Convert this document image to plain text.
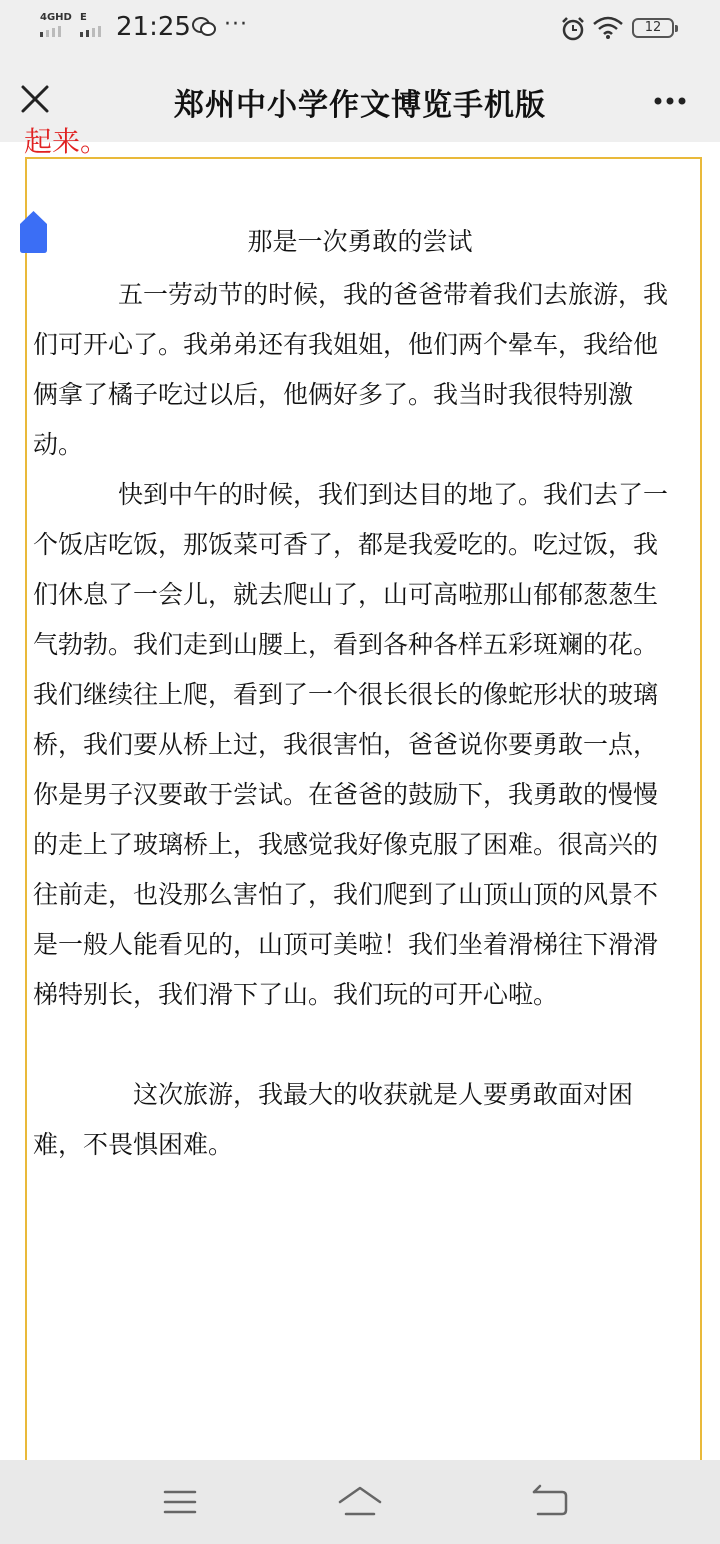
4GHD E 21:25 ···	12
郑州中小学作文博览手机版
起来。
那是一次勇敢的尝试

五一劳动节的时候，我的爸爸带着我们去旅游，我们可开心了。我弟弟还有我姐姐，他们两个晕车，我给他俩拿了橘子吃过以后，他俩好多了。我当时我很特别激动。

快到中午的时候，我们到达目的地了。我们去了一个饭店吃饭，那饭菜可香了，都是我爱吃的。吃过饭，我们休息了一会儿，就去爬山了，山可高啦那山郁郁葱葱生气勃勃。我们走到山腰上，看到各种各样五彩斑斓的花。我们继续往上爬，看到了一个很长很长的像蛇形状的玻璃桥，我们要从桥上过，我很害怕，爸爸说你要勇敢一点，你是男子汉要敢于尝试。在爸爸的鼓励下，我勇敢的慢慢的走上了玻璃桥上，我感觉我好像克服了困难。很高兴的往前走，也没那么害怕了，我们爬到了山顶山顶的风景不是一般人能看见的，山顶可美啦！我们坐着滑梯往下滑滑梯特别长，我们滑下了山。我们玩的可开心啦。

这次旅游，我最大的收获就是人要勇敢面对困难，不畏惧困难。
